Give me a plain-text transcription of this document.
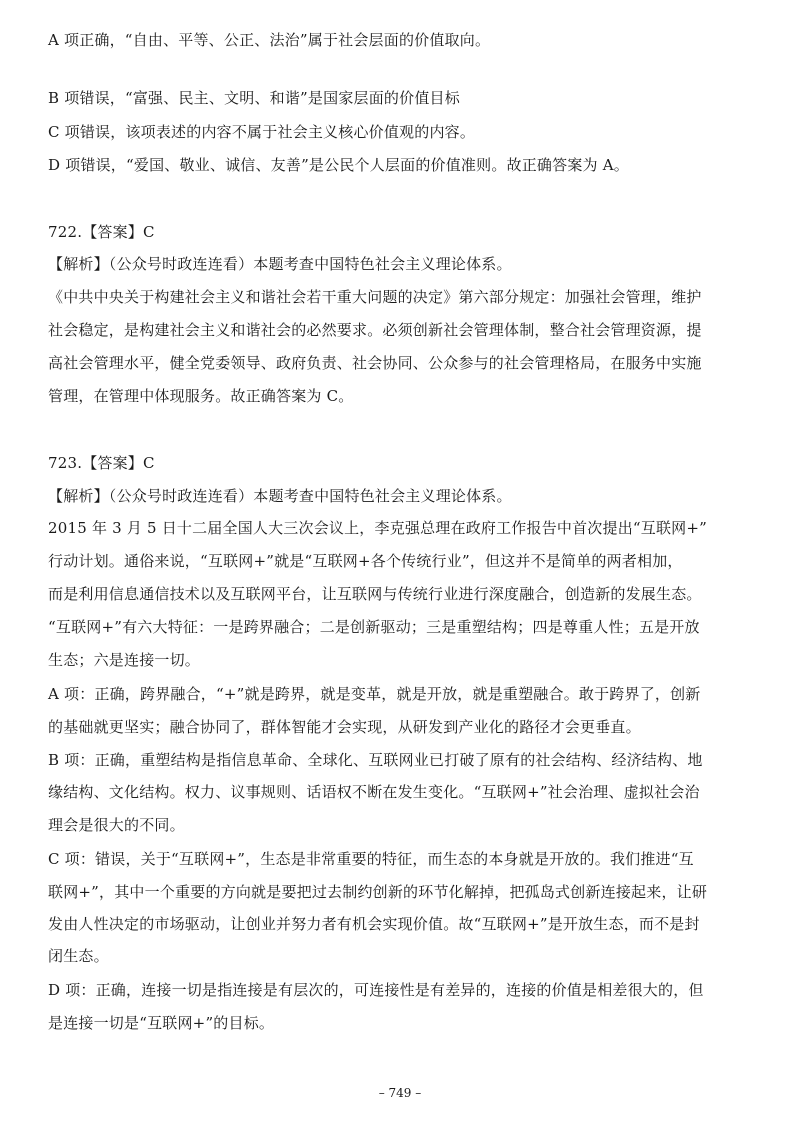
A 项正确，“自由、平等、公正、法治”属于社会层面的价值取向。
B 项错误，“富强、民主、文明、和谐”是国家层面的价值目标
C 项错误，该项表述的内容不属于社会主义核心价值观的内容。
D 项错误，“爱国、敬业、诚信、友善”是公民个人层面的价值准则。故正确答案为 A。
722.【答案】C
【解析】（公众号时政连连看）本题考查中国特色社会主义理论体系。
《中共中央关于构建社会主义和谐社会若干重大问题的决定》第六部分规定：加强社会管理，维护
社会稳定，是构建社会主义和谐社会的必然要求。必须创新社会管理体制，整合社会管理资源，提
高社会管理水平，健全党委领导、政府负责、社会协同、公众参与的社会管理格局，在服务中实施
管理，在管理中体现服务。故正确答案为 C。
723.【答案】C
【解析】（公众号时政连连看）本题考查中国特色社会主义理论体系。
2015 年 3 月 5 日十二届全国人大三次会议上，李克强总理在政府工作报告中首次提出“互联网+”
行动计划。通俗来说，“互联网+”就是“互联网+各个传统行业”，但这并不是简单的两者相加，
而是利用信息通信技术以及互联网平台，让互联网与传统行业进行深度融合，创造新的发展生态。
“互联网+”有六大特征：一是跨界融合；二是创新驱动；三是重塑结构；四是尊重人性；五是开放
生态；六是连接一切。
A 项：正确，跨界融合，“+”就是跨界，就是变革，就是开放，就是重塑融合。敢于跨界了，创新
的基础就更坚实；融合协同了，群体智能才会实现，从研发到产业化的路径才会更垂直。
B 项：正确，重塑结构是指信息革命、全球化、互联网业已打破了原有的社会结构、经济结构、地
缘结构、文化结构。权力、议事规则、话语权不断在发生变化。“互联网+”社会治理、虚拟社会治
理会是很大的不同。
C 项：错误，关于“互联网+”，生态是非常重要的特征，而生态的本身就是开放的。我们推进“互
联网+”，其中一个重要的方向就是要把过去制约创新的环节化解掉，把孤岛式创新连接起来，让研
发由人性决定的市场驱动，让创业并努力者有机会实现价值。故“互联网+”是开放生态，而不是封
闭生态。
D 项：正确，连接一切是指连接是有层次的，可连接性是有差异的，连接的价值是相差很大的，但
是连接一切是“互联网+”的目标。
– 749 –
